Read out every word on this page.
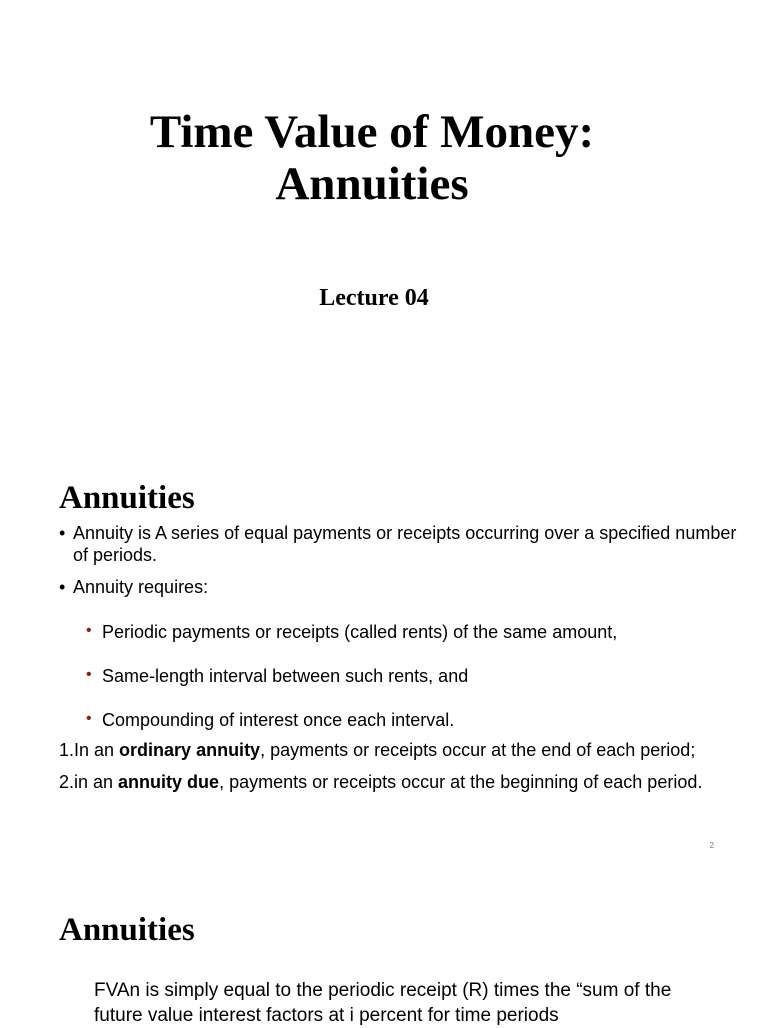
Time Value of Money:
Annuities
Lecture 04
Annuities
• Annuity is A series of equal payments or receipts occurring over a specified number of periods.
• Annuity requires:
• Periodic payments or receipts (called rents) of the same amount,
• Same-length interval between such rents, and
• Compounding of interest once each interval.
1.In an ordinary annuity, payments or receipts occur at the end of each period;
2.in an annuity due, payments or receipts occur at the beginning of each period.
2
Annuities
FVAn is simply equal to the periodic receipt (R) times the “sum of the future value interest factors at i percent for time periods
